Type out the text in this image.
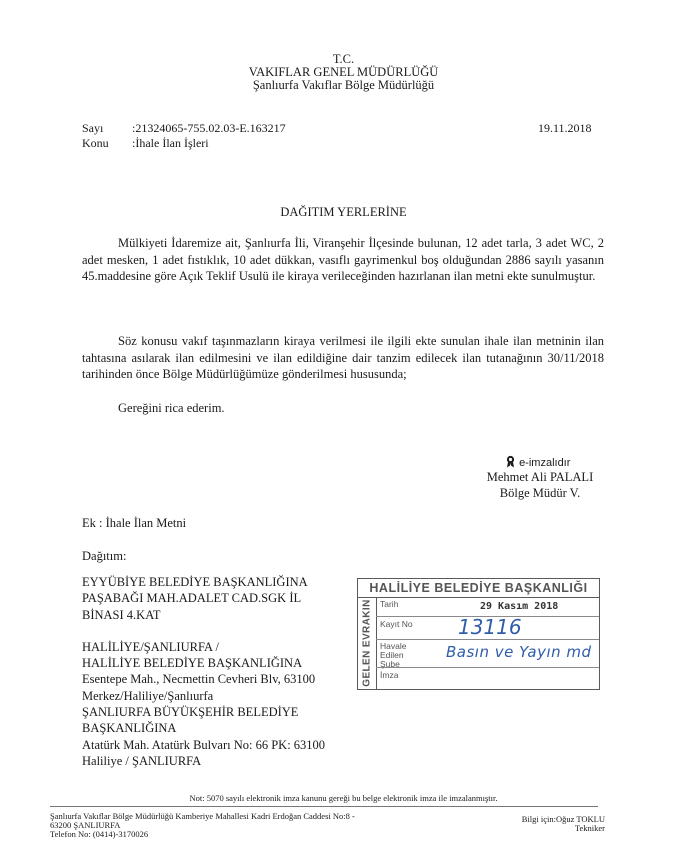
T.C.
VAKIFLAR GENEL MÜDÜRLÜĞÜ
Şanlıurfa Vakıflar Bölge Müdürlüğü
Sayı :21324065-755.02.03-E.163217
Konu :İhale İlan İşleri
19.11.2018
DAĞITIM YERLERİNE
Mülkiyeti İdaremize ait, Şanlıurfa İli, Viranşehir İlçesinde bulunan, 12 adet tarla, 3 adet WC, 2 adet mesken, 1 adet fıstıklık, 10 adet dükkan, vasıflı gayrimenkul boş olduğundan 2886 sayılı yasanın 45.maddesine göre Açık Teklif Usulü ile kiraya verileceğinden hazırlanan ilan metni ekte sunulmuştur.
Söz konusu vakıf taşınmazların kiraya verilmesi ile ilgili ekte sunulan ihale ilan metninin ilan tahtasına asılarak ilan edilmesini ve ilan edildiğine dair tanzim edilecek ilan tutanağının 30/11/2018 tarihinden önce Bölge Müdürlüğümüze gönderilmesi hususunda;
Gereğini rica ederim.
e-imzalıdır
Mehmet Ali PALALI
Bölge Müdür V.
Ek : İhale İlan Metni
Dağıtım:
EYYÜBİYE BELEDİYE BAŞKANLIĞINA
PAŞABAĞI MAH.ADALET CAD.SGK İL
BİNASI 4.KAT
HALİLİYE/ŞANLIURFA /
HALİLİYE BELEDİYE BAŞKANLIĞINA
Esentepe Mah., Necmettin Cevheri Blv, 63100
Merkez/Haliliye/Şanlıurfa
ŞANLIURFA BÜYÜKŞEHİR BELEDİYE
BAŞKANLIĞINA
Atatürk Mah. Atatürk Bulvarı No: 66 PK: 63100
Haliliye / ŞANLIURFA
HALİLİYE BELEDİYE BAŞKANLIĞI
GELEN EVRAKIN Tarih
Kayıt No
Havale Edilen Şube
İmza
29 Kasım 2018
13116
Basın ve Yayın md
Not: 5070 sayılı elektronik imza kanunu gereği bu belge elektronik imza ile imzalanmıştır.
Şanlıurfa Vakıflar Bölge Müdürlüğü Kamberiye Mahallesi Kadri Erdoğan Caddesi No:8 -
63200 ŞANLIURFA
Telefon No: (0414)-3170026
Bilgi için:Oğuz TOKLU
Tekniker
